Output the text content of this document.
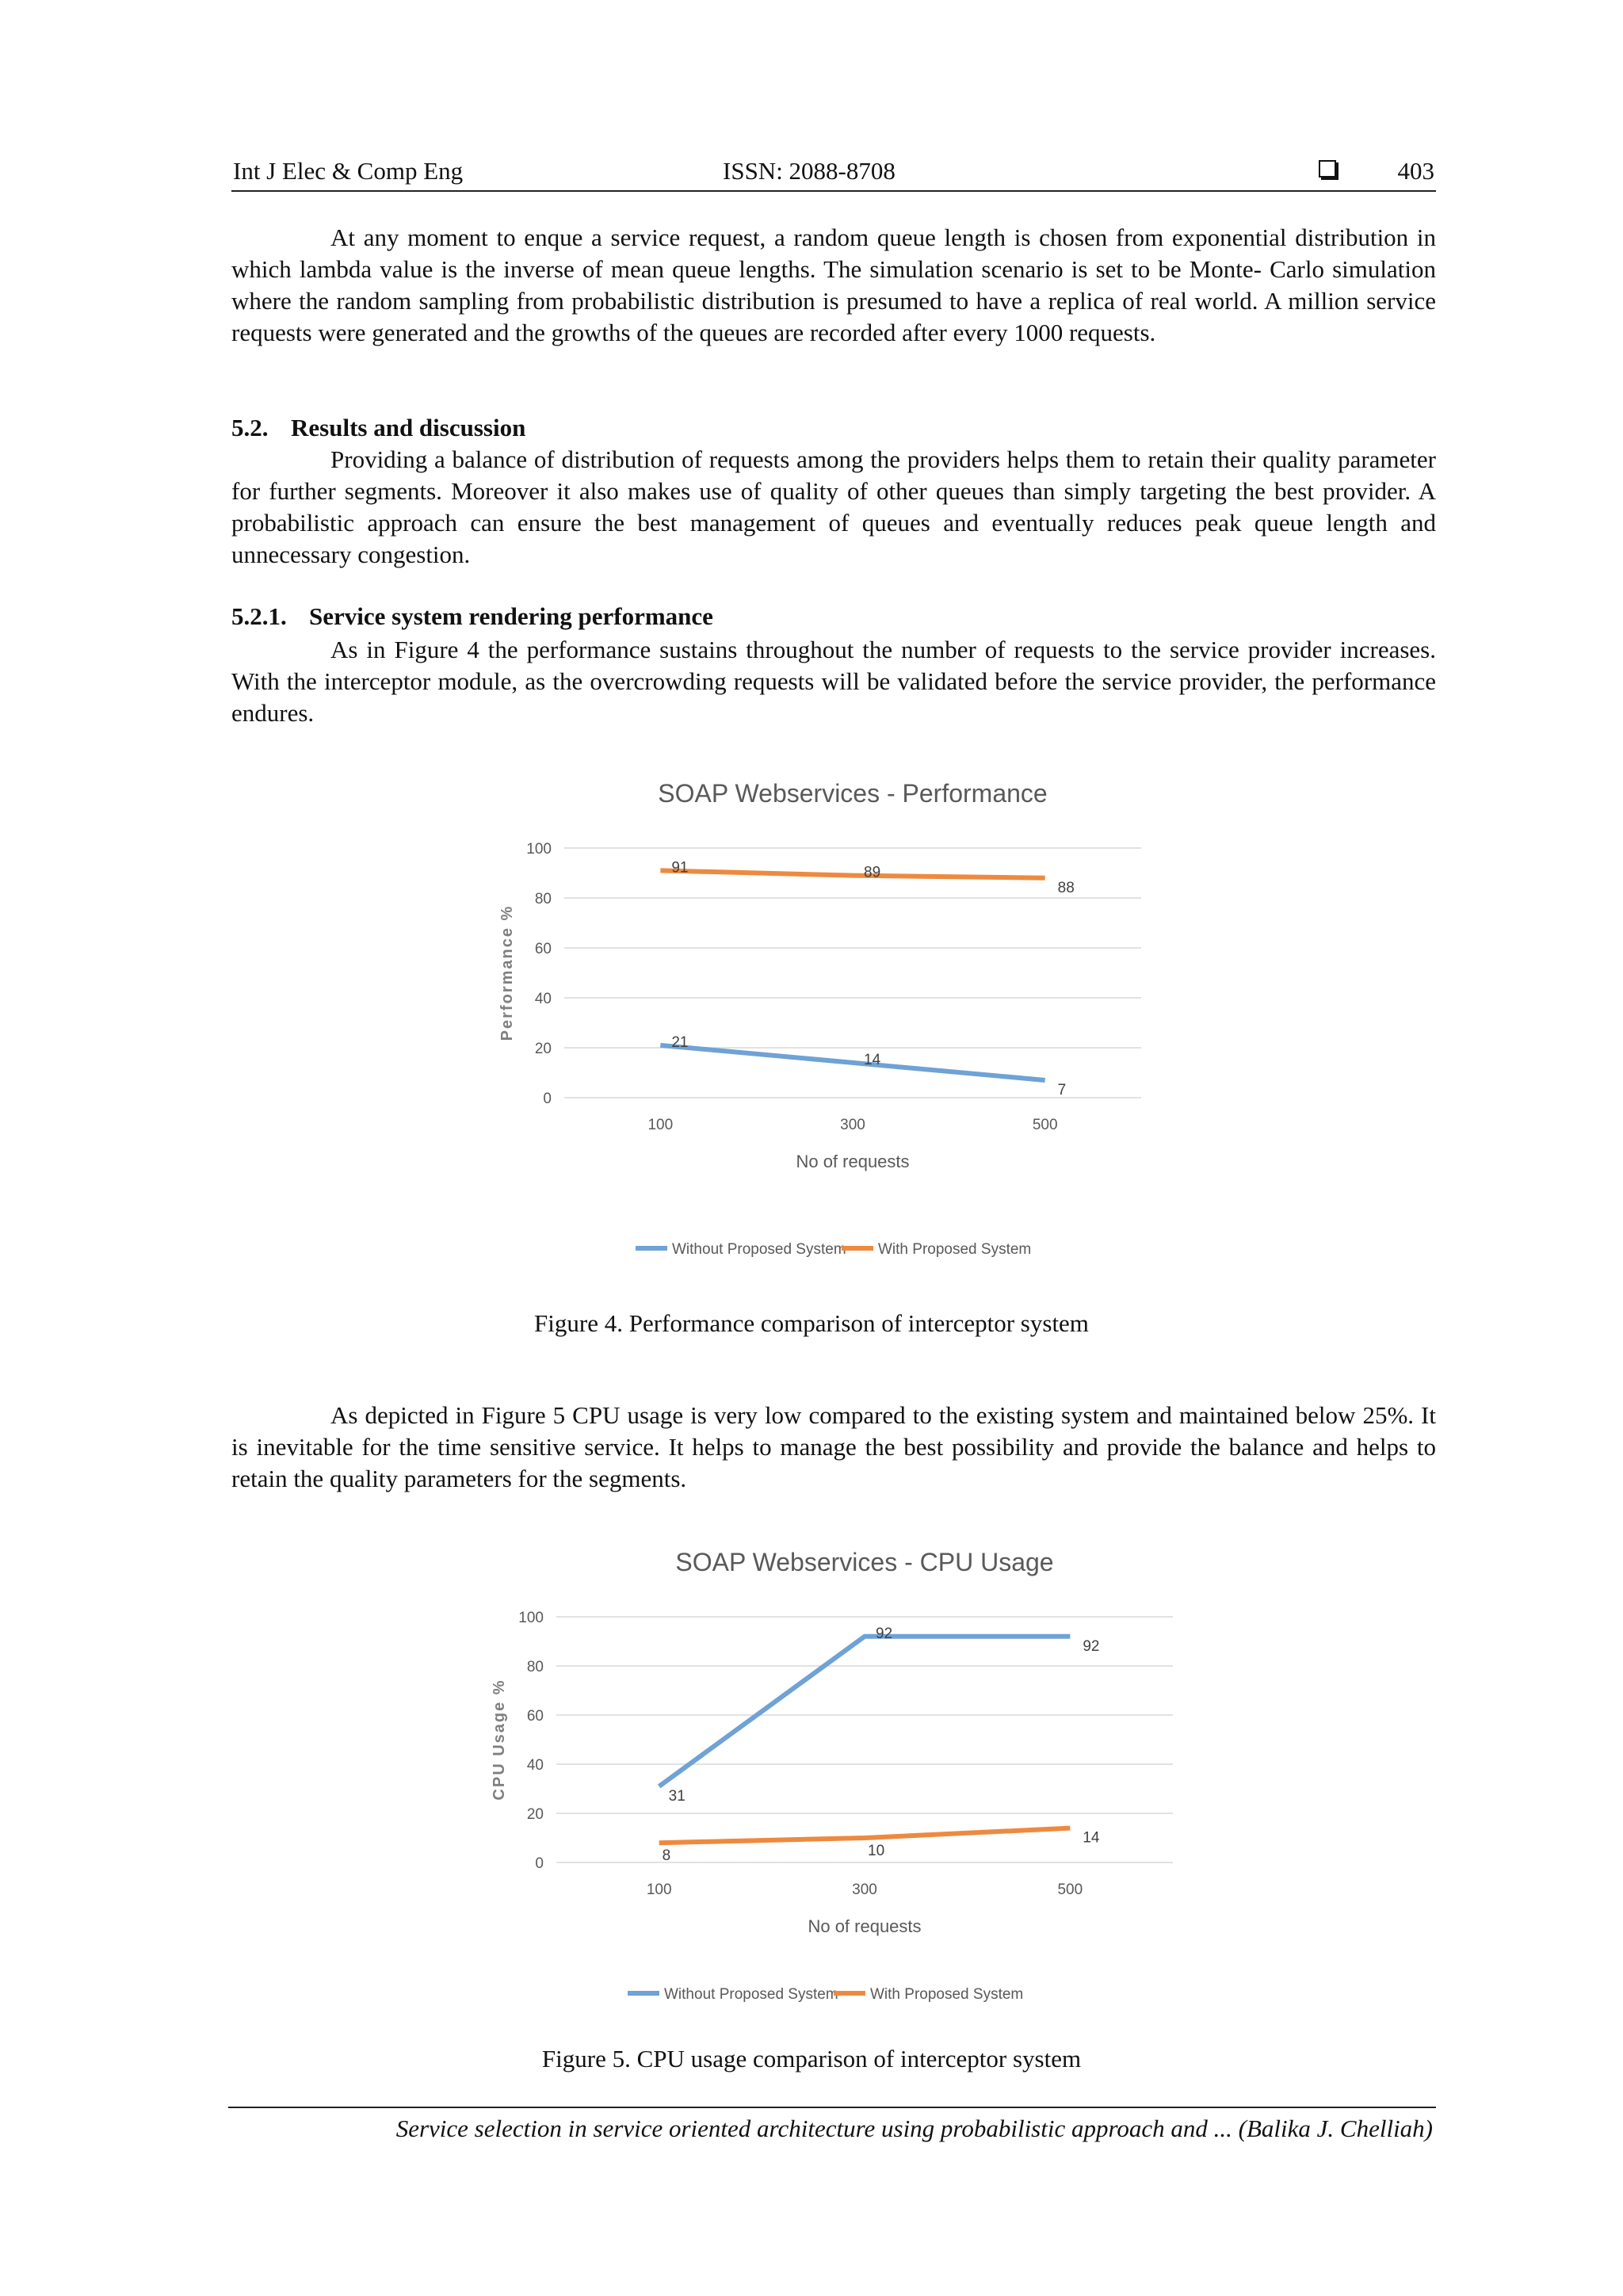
Int J Elec & Comp Eng	ISSN: 2088-8708	403

At any moment to enque a service request, a random queue length is chosen from exponential distribution in which lambda value is the inverse of mean queue lengths. The simulation scenario is set to be Monte- Carlo simulation where the random sampling from probabilistic distribution is presumed to have a replica of real world. A million service requests were generated and the growths of the queues are recorded after every 1000 requests.

5.2. Results and discussion

Providing a balance of distribution of requests among the providers helps them to retain their quality parameter for further segments. Moreover it also makes use of quality of other queues than simply targeting the best provider. A probabilistic approach can ensure the best management of queues and eventually reduces peak queue length and unnecessary congestion.

5.2.1. Service system rendering performance

As in Figure 4 the performance sustains throughout the number of requests to the service provider increases. With the interceptor module, as the overcrowding requests will be validated before the service provider, the performance endures.

SOAP Webservices - Performance
0
20
40
60
80
100
100	300	500
No of requests
Performance %
21
14
7
91	89
88
Without Proposed System With Proposed System
Figure 4. Performance comparison of interceptor system

As depicted in Figure 5 CPU usage is very low compared to the existing system and maintained below 25%. It is inevitable for the time sensitive service. It helps to manage the best possibility and provide the balance and helps to retain the quality parameters for the segments.

SOAP Webservices - CPU Usage
0
20
40
60
80
100
100	300	500
No of requests
CPU Usage %	31
92
92
8	10
14
Without Proposed System With Proposed System
Figure 5. CPU usage comparison of interceptor system
Service selection in service oriented architecture using probabilistic approach and ... (Balika J. Chelliah)
